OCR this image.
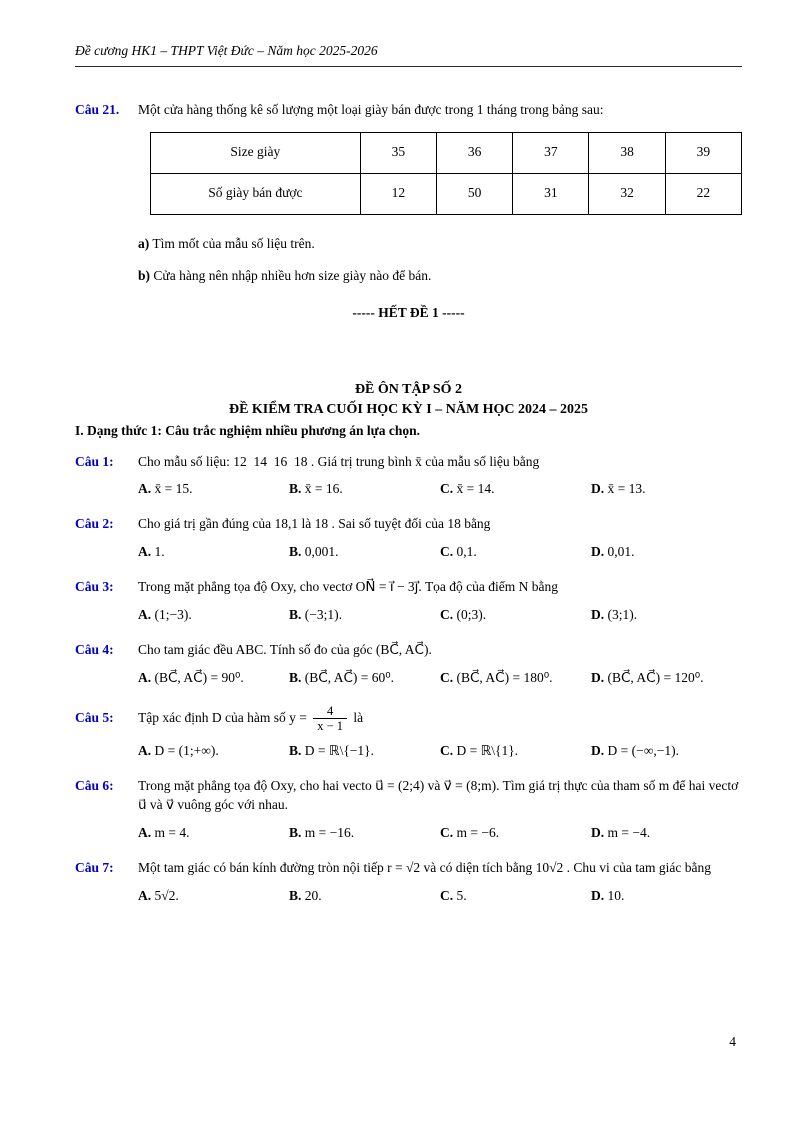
Đề cương HK1 – THPT Việt Đức – Năm học 2025-2026
Câu 21.	Một cửa hàng thống kê số lượng một loại giày bán được trong 1 tháng trong bảng sau:
Size giày	35	36	37	38	39
Số giày bán được	12	50	31	32	22
a) Tìm mốt của mẫu số liệu trên.
b) Cửa hàng nên nhập nhiều hơn size giày nào để bán.
----- HẾT ĐỀ 1 -----
ĐỀ ÔN TẬP SỐ 2
ĐỀ KIỂM TRA CUỐI HỌC KỲ I – NĂM HỌC 2024 – 2025
I. Dạng thức 1: Câu trắc nghiệm nhiều phương án lựa chọn.
Câu 1:	Cho mẫu số liệu: 12  14  16  18 . Giá trị trung bình x̄ của mẫu số liệu bằng
A. x̄ = 15.	B. x̄ = 16.	C. x̄ = 14.	D. x̄ = 13.
Câu 2:	Cho giá trị gần đúng của 18,1 là 18 . Sai số tuyệt đối của 18 bằng
A. 1.	B. 0,001.	C. 0,1.	D. 0,01.
Câu 3:	Trong mặt phẳng tọa độ Oxy, cho vectơ ON⃗ = i⃗ − 3j⃗. Tọa độ của điểm N bằng
A. (1;−3).	B. (−3;1).	C. (0;3).	D. (3;1).
Câu 4:	Cho tam giác đều ABC. Tính số đo của góc (BC⃗, AC⃗).
A. (BC⃗, AC⃗) = 90⁰.	B. (BC⃗, AC⃗) = 60⁰.	C. (BC⃗, AC⃗) = 180⁰.	D. (BC⃗, AC⃗) = 120⁰.
Câu 5:	Tập xác định D của hàm số $y = \frac{4}{x - 1}$ là
A. D = (1;+∞).	B. D = ℝ\{−1}.	C. D = ℝ\{1}.	D. D = (−∞,−1).
Câu 6:	Trong mặt phẳng tọa độ Oxy, cho hai vecto u⃗ = (2;4) và v⃗ = (8;m). Tìm giá trị thực của tham số m để hai vectơ u⃗ và v⃗ vuông góc với nhau.
A. m = 4.	B. m = −16.	C. m = −6.	D. m = −4.
Câu 7:	Một tam giác có bán kính đường tròn nội tiếp r = √2 và có diện tích bằng 10√2 . Chu vi của tam giác bằng
A. 5√2.	B. 20.	C. 5.	D. 10.
4
